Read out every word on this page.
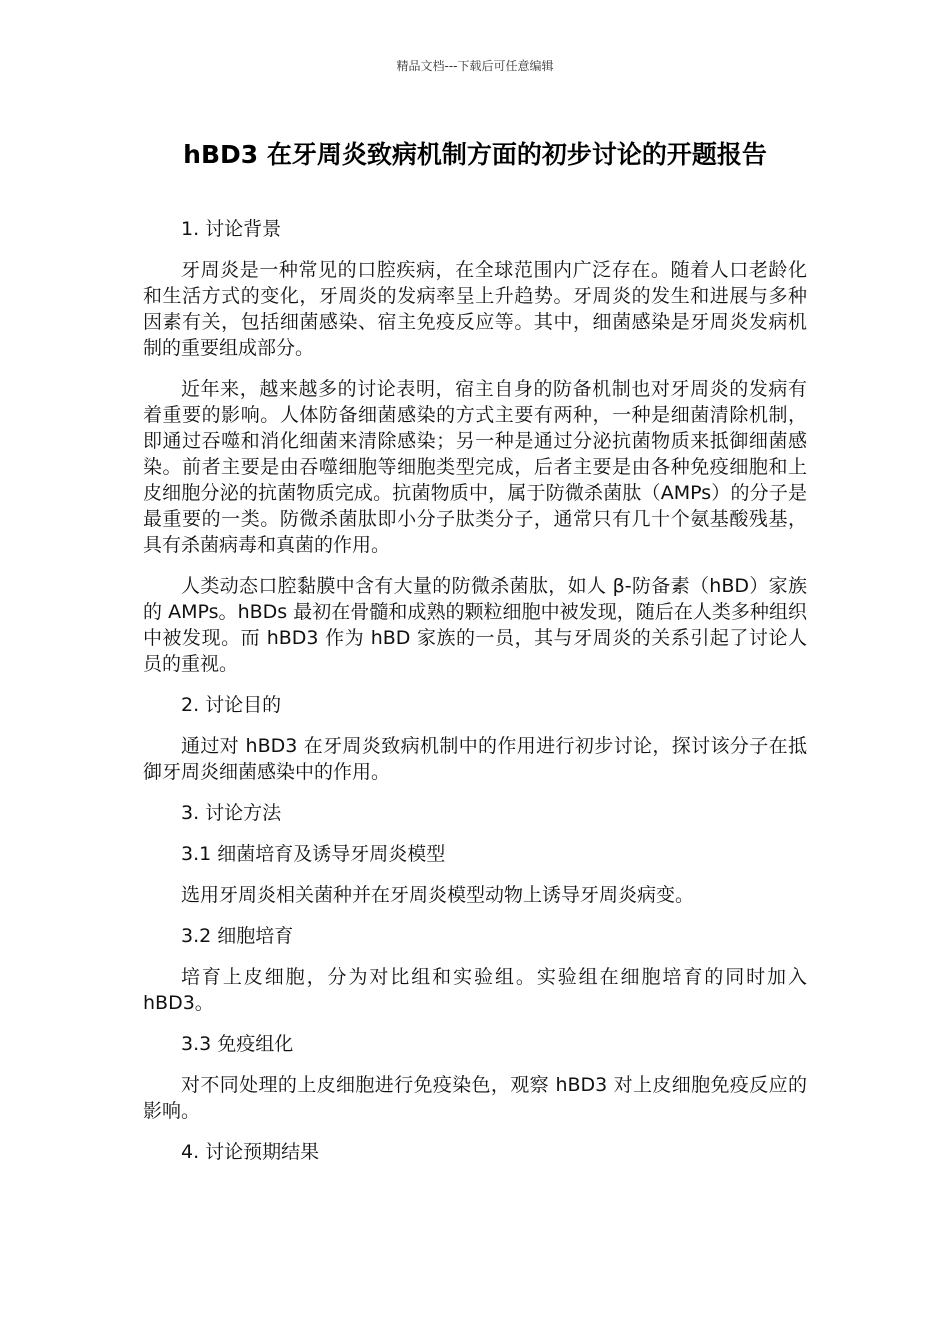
精品文档---下载后可任意编辑
hBD3 在牙周炎致病机制方面的初步讨论的开题报告

1. 讨论背景

牙周炎是一种常见的口腔疾病，在全球范围内广泛存在。随着人口老龄化和生活方式的变化，牙周炎的发病率呈上升趋势。牙周炎的发生和进展与多种因素有关，包括细菌感染、宿主免疫反应等。其中，细菌感染是牙周炎发病机制的重要组成部分。

近年来，越来越多的讨论表明，宿主自身的防备机制也对牙周炎的发病有着重要的影响。人体防备细菌感染的方式主要有两种，一种是细菌清除机制，即通过吞噬和消化细菌来清除感染；另一种是通过分泌抗菌物质来抵御细菌感染。前者主要是由吞噬细胞等细胞类型完成，后者主要是由各种免疫细胞和上皮细胞分泌的抗菌物质完成。抗菌物质中，属于防微杀菌肽（AMPs）的分子是最重要的一类。防微杀菌肽即小分子肽类分子，通常只有几十个氨基酸残基，具有杀菌病毒和真菌的作用。

人类动态口腔黏膜中含有大量的防微杀菌肽，如人 β-防备素（hBD）家族的 AMPs。hBDs 最初在骨髓和成熟的颗粒细胞中被发现，随后在人类多种组织中被发现。而 hBD3 作为 hBD 家族的一员，其与牙周炎的关系引起了讨论人员的重视。

2. 讨论目的

通过对 hBD3 在牙周炎致病机制中的作用进行初步讨论，探讨该分子在抵御牙周炎细菌感染中的作用。

3. 讨论方法

3.1 细菌培育及诱导牙周炎模型

选用牙周炎相关菌种并在牙周炎模型动物上诱导牙周炎病变。

3.2 细胞培育

培育上皮细胞，分为对比组和实验组。实验组在细胞培育的同时加入 hBD3。

3.3 免疫组化

对不同处理的上皮细胞进行免疫染色，观察 hBD3 对上皮细胞免疫反应的影响。

4. 讨论预期结果
